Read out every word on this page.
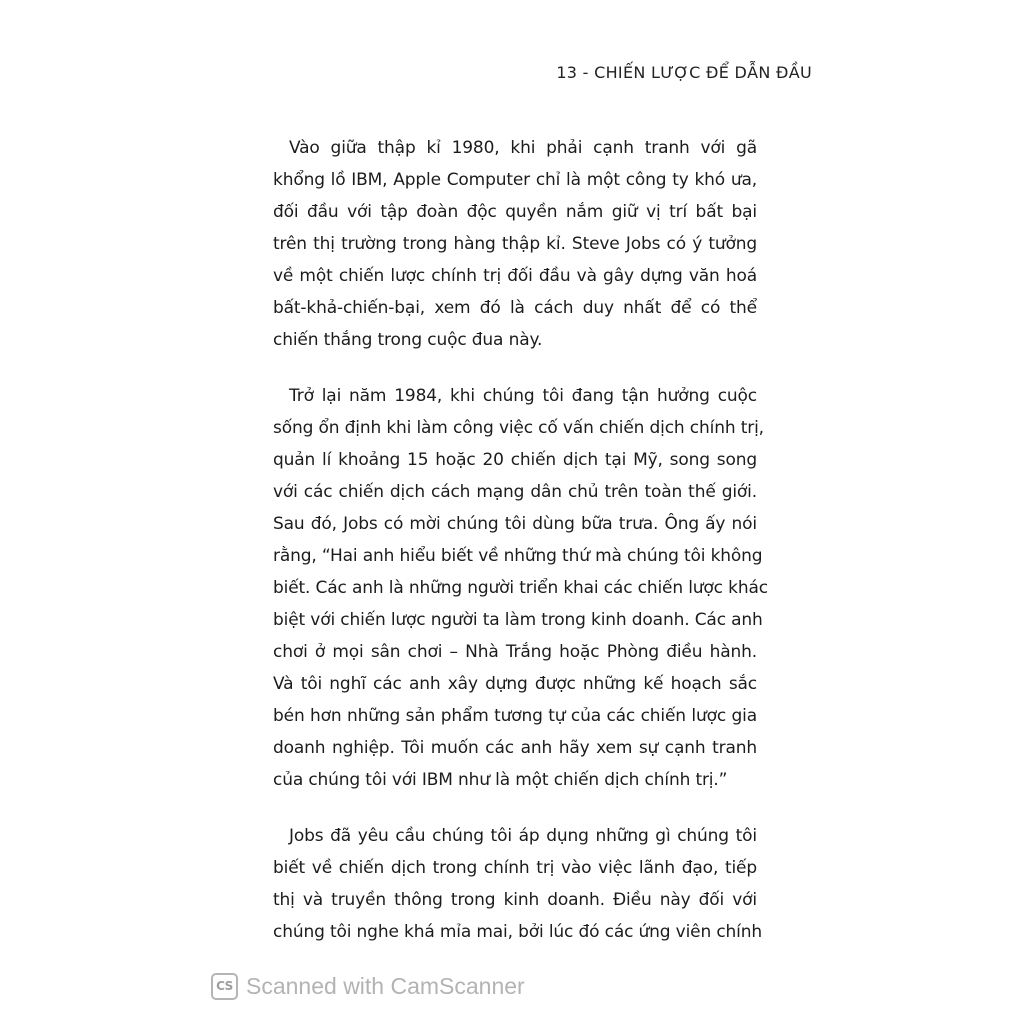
13 - CHIẾN LƯỢC ĐỂ DẪN ĐẦU
Vào giữa thập kỉ 1980, khi phải cạnh tranh với gã
khổng lồ IBM, Apple Computer chỉ là một công ty khó ưa,
đối đầu với tập đoàn độc quyền nắm giữ vị trí bất bại
trên thị trường trong hàng thập kỉ. Steve Jobs có ý tưởng
về một chiến lược chính trị đối đầu và gây dựng văn hoá
bất-khả-chiến-bại, xem đó là cách duy nhất để có thể
chiến thắng trong cuộc đua này.
Trở lại năm 1984, khi chúng tôi đang tận hưởng cuộc
sống ổn định khi làm công việc cố vấn chiến dịch chính trị,
quản lí khoảng 15 hoặc 20 chiến dịch tại Mỹ, song song
với các chiến dịch cách mạng dân chủ trên toàn thế giới.
Sau đó, Jobs có mời chúng tôi dùng bữa trưa. Ông ấy nói
rằng, “Hai anh hiểu biết về những thứ mà chúng tôi không
biết. Các anh là những người triển khai các chiến lược khác
biệt với chiến lược người ta làm trong kinh doanh. Các anh
chơi ở mọi sân chơi – Nhà Trắng hoặc Phòng điều hành.
Và tôi nghĩ các anh xây dựng được những kế hoạch sắc
bén hơn những sản phẩm tương tự của các chiến lược gia
doanh nghiệp. Tôi muốn các anh hãy xem sự cạnh tranh
của chúng tôi với IBM như là một chiến dịch chính trị.”
Jobs đã yêu cầu chúng tôi áp dụng những gì chúng tôi
biết về chiến dịch trong chính trị vào việc lãnh đạo, tiếp
thị và truyền thông trong kinh doanh. Điều này đối với
chúng tôi nghe khá mỉa mai, bởi lúc đó các ứng viên chính
CS Scanned with CamScanner
